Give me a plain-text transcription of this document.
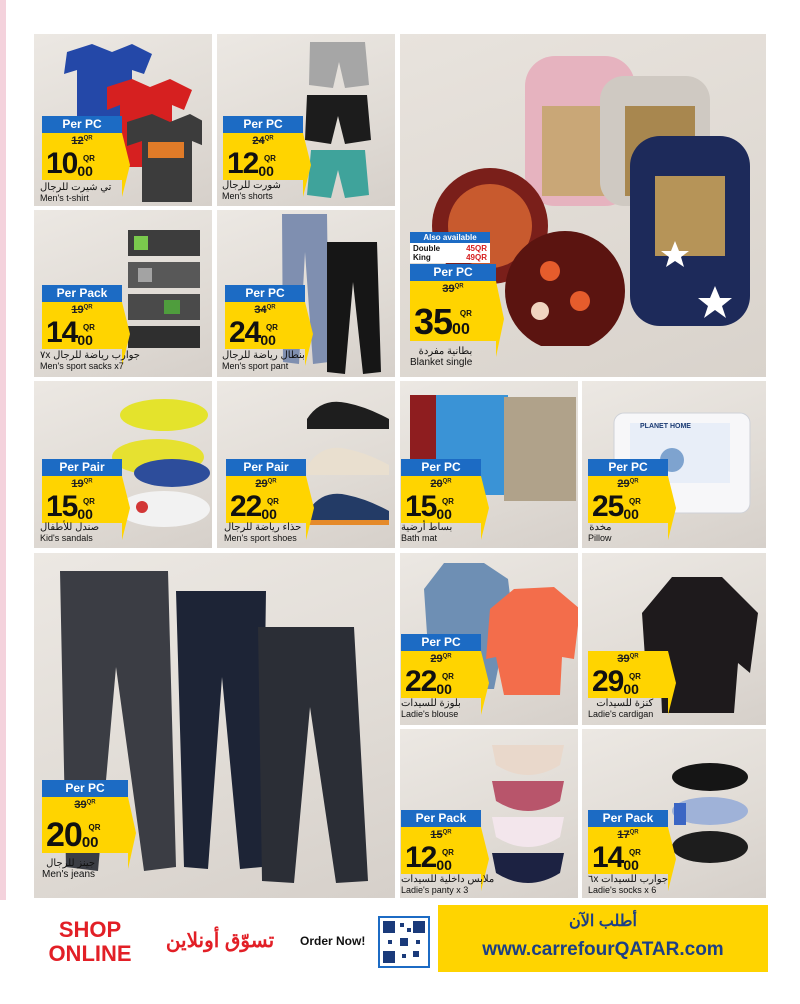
PLANET HOME
Per PC
$12^{QR}$
1000
QR
تي شيرت للرجال
Men's t-shirt
Per PC
$24^{QR}$
1200
QR
شورت للرجال
Men's shorts
Per Pack
$19^{QR}$
1400
QR
جوارب رياضة للرجال ٧x
Men's sport sacks x7
Per PC
$34^{QR}$
2400
QR
بنطال رياضة للرجال
Men's sport pant
Also available
Double	45QR
King	49QR
Per PC
$39^{QR}$
3500
QR
بطانية مفردة
Blanket single
Per Pair
$19^{QR}$
1500
QR
صندل للأطفال
Kid's sandals
Per Pair
$29^{QR}$
2200
QR
حذاء رياضة للرجال
Men's sport shoes
Per PC
$20^{QR}$
1500
QR
بساط أرضية
Bath mat
Per PC
$29^{QR}$
2500
QR
مخدة
Pillow
Per PC
$39^{QR}$
2000
QR
جينز للرجال
Men's jeans
Per PC
$29^{QR}$
2200
QR
بلوزة للسيدات
Ladie's blouse
$39^{QR}$
2900
QR
كنزة للسيدات
Ladie's cardigan
Per Pack
$15^{QR}$
1200
QR
ملابس داخلية للسيدات
Ladie's panty x 3
Per Pack
$17^{QR}$
1400
QR
جوارب للسيدات ٦x
Ladie's socks x 6
SHOP
ONLINE	تسوّق أونلاين	Order Now!
أطلب الآن
www.carrefourQATAR.com
